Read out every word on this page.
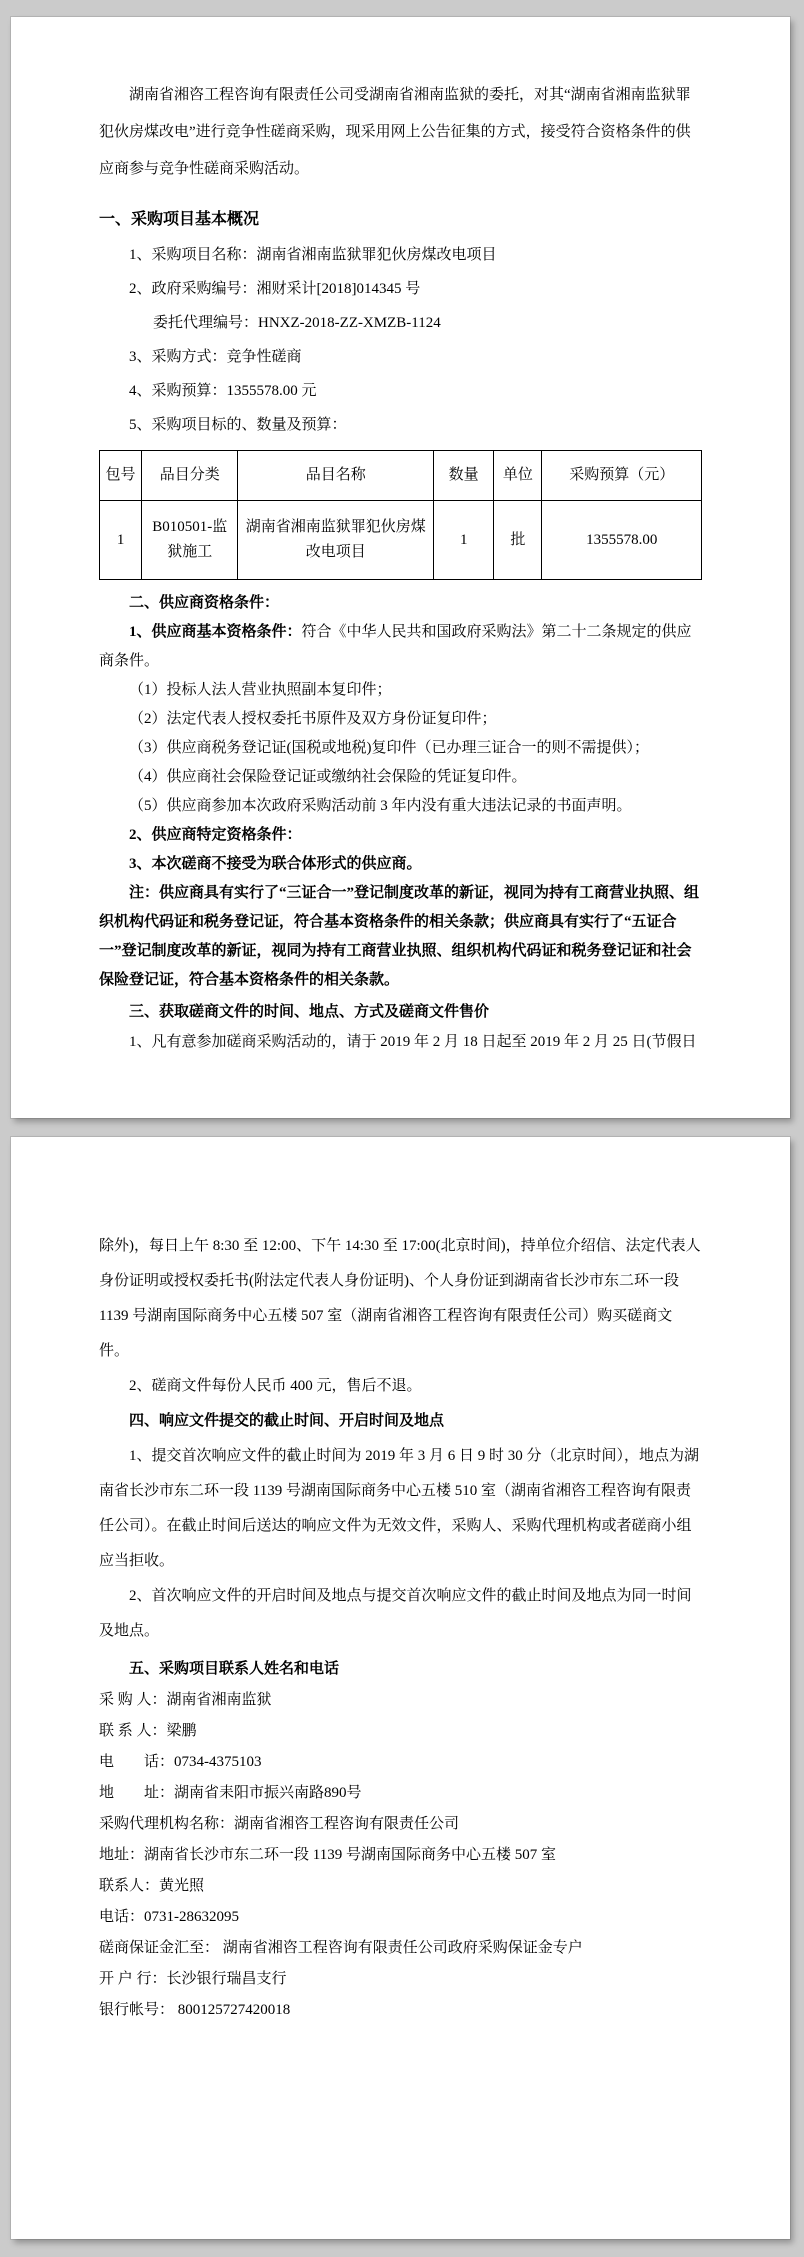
湖南省湘咨工程咨询有限责任公司受湖南省湘南监狱的委托，对其“湖南省湘南监狱罪犯伙房煤改电”进行竞争性磋商采购，现采用网上公告征集的方式，接受符合资格条件的供应商参与竞争性磋商采购活动。

一、采购项目基本概况

1、采购项目名称：湖南省湘南监狱罪犯伙房煤改电项目

2、政府采购编号：湘财采计[2018]014345 号

委托代理编号：HNXZ-2018-ZZ-XMZB-1124

3、采购方式：竞争性磋商

4、采购预算：1355578.00 元

5、采购项目标的、数量及预算：

包号	品目分类	品目名称	数量	单位	采购预算（元）
1	B010501-监狱施工	湖南省湘南监狱罪犯伙房煤改电项目	1	批	1355578.00

二、供应商资格条件：

1、供应商基本资格条件：符合《中华人民共和国政府采购法》第二十二条规定的供应商条件。

（1）投标人法人营业执照副本复印件；

（2）法定代表人授权委托书原件及双方身份证复印件；

（3）供应商税务登记证(国税或地税)复印件（已办理三证合一的则不需提供）；

（4）供应商社会保险登记证或缴纳社会保险的凭证复印件。

（5）供应商参加本次政府采购活动前 3 年内没有重大违法记录的书面声明。

2、供应商特定资格条件：

3、本次磋商不接受为联合体形式的供应商。

注：供应商具有实行了“三证合一”登记制度改革的新证，视同为持有工商营业执照、组织机构代码证和税务登记证，符合基本资格条件的相关条款；供应商具有实行了“五证合一”登记制度改革的新证，视同为持有工商营业执照、组织机构代码证和税务登记证和社会保险登记证，符合基本资格条件的相关条款。

三、获取磋商文件的时间、地点、方式及磋商文件售价

1、凡有意参加磋商采购活动的，请于 2019 年 2 月 18 日起至 2019 年 2 月 25 日(节假日

除外)，每日上午 8:30 至 12:00、下午 14:30 至 17:00(北京时间)，持单位介绍信、法定代表人身份证明或授权委托书(附法定代表人身份证明)、个人身份证到湖南省长沙市东二环一段 1139 号湖南国际商务中心五楼 507 室（湖南省湘咨工程咨询有限责任公司）购买磋商文件。

2、磋商文件每份人民币 400 元，售后不退。

四、响应文件提交的截止时间、开启时间及地点

1、提交首次响应文件的截止时间为 2019 年 3 月 6 日 9 时 30 分（北京时间），地点为湖南省长沙市东二环一段 1139 号湖南国际商务中心五楼 510 室（湖南省湘咨工程咨询有限责任公司）。在截止时间后送达的响应文件为无效文件，采购人、采购代理机构或者磋商小组应当拒收。

2、首次响应文件的开启时间及地点与提交首次响应文件的截止时间及地点为同一时间及地点。

五、采购项目联系人姓名和电话

采 购 人：湖南省湘南监狱

联 系 人：梁鹏

电　　话：0734-4375103

地　　址：湖南省耒阳市振兴南路890号

采购代理机构名称：湖南省湘咨工程咨询有限责任公司

地址：湖南省长沙市东二环一段 1139 号湖南国际商务中心五楼 507 室

联系人：黄光照

电话：0731-28632095

磋商保证金汇至： 湖南省湘咨工程咨询有限责任公司政府采购保证金专户

开 户 行：长沙银行瑞昌支行

银行帐号： 800125727420018
